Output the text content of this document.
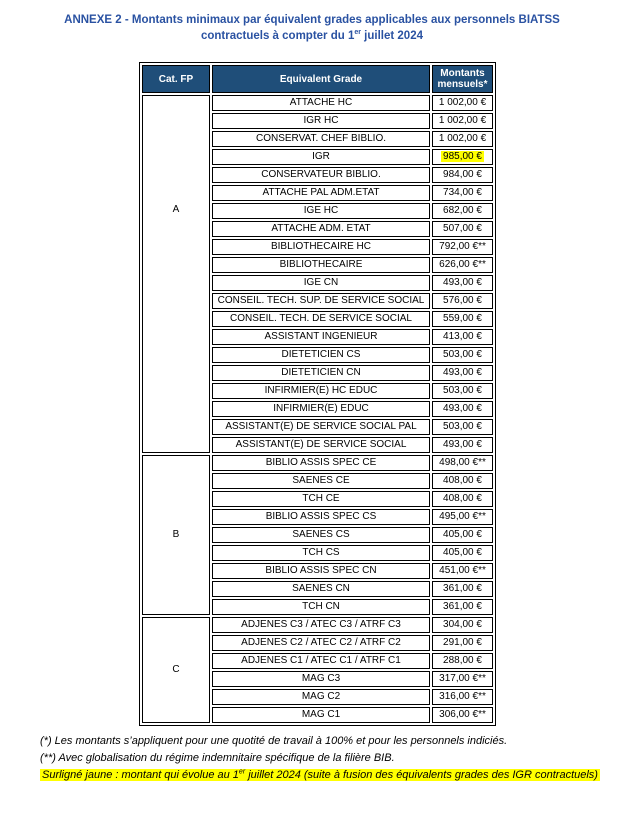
ANNEXE 2 - Montants minimaux par équivalent grades applicables aux personnels BIATSS
contractuels à compter du 1er juillet 2024
Cat. FP	Equivalent Grade	Montants mensuels*
A	ATTACHE HC	1 002,00 €
	IGR HC	1 002,00 €
	CONSERVAT. CHEF BIBLIO.	1 002,00 €
	IGR	985,00 €
	CONSERVATEUR BIBLIO.	984,00 €
	ATTACHE PAL ADM.ETAT	734,00 €
	IGE HC	682,00 €
	ATTACHE ADM. ETAT	507,00 €
	BIBLIOTHECAIRE HC	792,00 €**
	BIBLIOTHECAIRE	626,00 €**
	IGE CN	493,00 €
	CONSEIL. TECH. SUP. DE SERVICE SOCIAL	576,00 €
	CONSEIL. TECH. DE SERVICE SOCIAL	559,00 €
	ASSISTANT INGENIEUR	413,00 €
	DIETETICIEN CS	503,00 €
	DIETETICIEN CN	493,00 €
	INFIRMIER(E) HC EDUC	503,00 €
	INFIRMIER(E) EDUC	493,00 €
	ASSISTANT(E) DE SERVICE SOCIAL PAL	503,00 €
	ASSISTANT(E) DE SERVICE SOCIAL	493,00 €
B	BIBLIO ASSIS SPEC CE	498,00 €**
	SAENES CE	408,00 €
	TCH CE	408,00 €
	BIBLIO ASSIS SPEC CS	495,00 €**
	SAENES CS	405,00 €
	TCH CS	405,00 €
	BIBLIO ASSIS SPEC CN	451,00 €**
	SAENES CN	361,00 €
	TCH CN	361,00 €
C	ADJENES C3 / ATEC C3 / ATRF C3	304,00 €
	ADJENES C2 / ATEC C2 / ATRF C2	291,00 €
	ADJENES C1 / ATEC C1 / ATRF C1	288,00 €
	MAG C3	317,00 €**
	MAG C2	316,00 €**
	MAG C1	306,00 €**
(*) Les montants s’appliquent pour une quotité de travail à 100% et pour les personnels indiciés.
(**) Avec globalisation du régime indemnitaire spécifique de la filière BIB.
Surligné jaune : montant qui évolue au 1er juillet 2024 (suite à fusion des équivalents grades des IGR contractuels)
